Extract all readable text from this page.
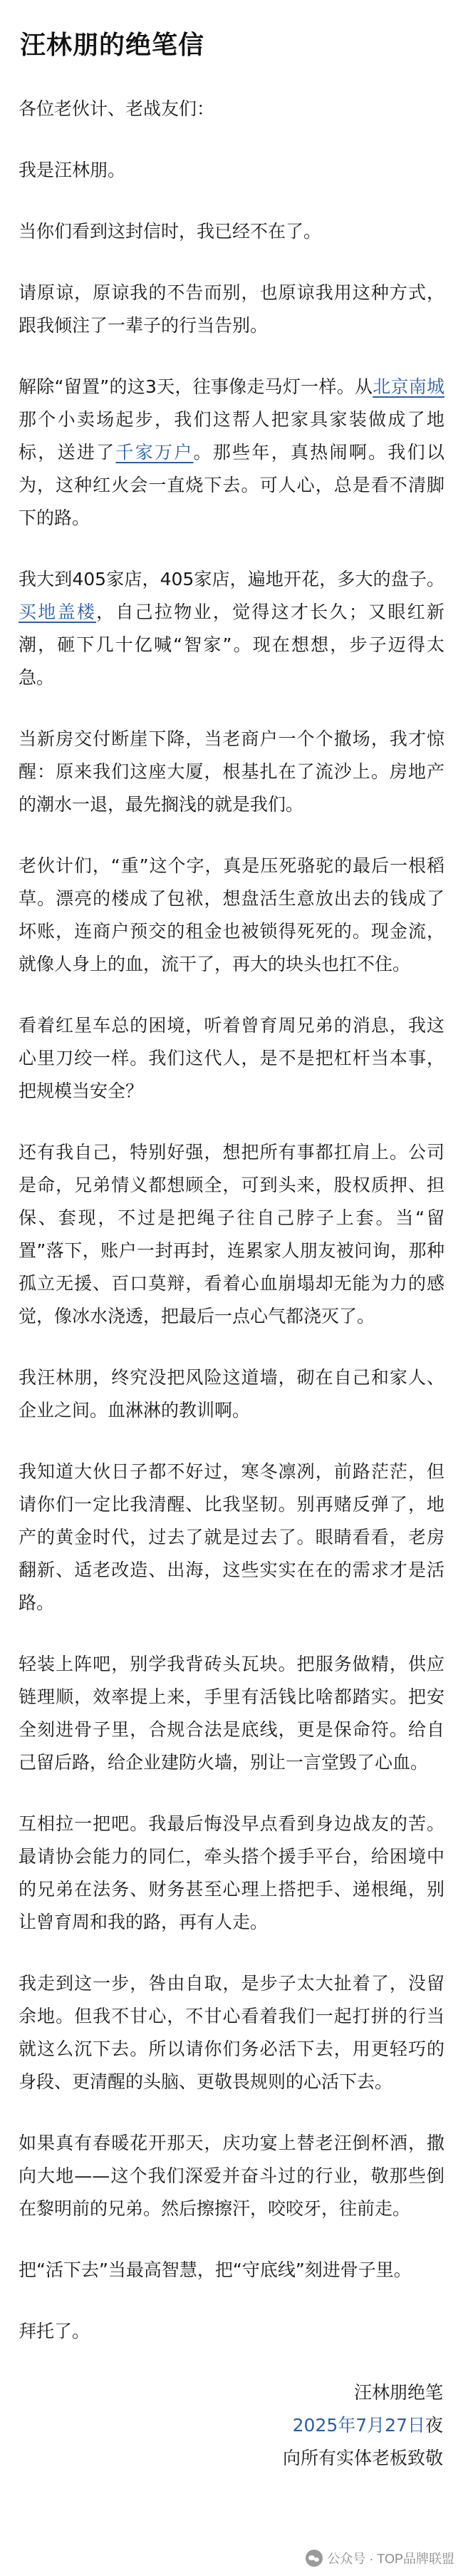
汪林朋的绝笔信

各位老伙计、老战友们：

我是汪林朋。

当你们看到这封信时，我已经不在了。

请原谅，原谅我的不告而别，也原谅我用这种方式，跟我倾注了一辈子的行当告别。

解除“留置”的这3天，往事像走马灯一样。从北京南城那个小卖场起步，我们这帮人把家具家装做成了地标，送进了千家万户。那些年，真热闹啊。我们以为，这种红火会一直烧下去。可人心，总是看不清脚下的路。

我大到405家店，405家店，遍地开花，多大的盘子。买地盖楼，自己拉物业，觉得这才长久；又眼红新潮，砸下几十亿喊“智家”。现在想想，步子迈得太急。

当新房交付断崖下降，当老商户一个个撤场，我才惊醒：原来我们这座大厦，根基扎在了流沙上。房地产的潮水一退，最先搁浅的就是我们。

老伙计们，“重”这个字，真是压死骆驼的最后一根稻草。漂亮的楼成了包袱，想盘活生意放出去的钱成了坏账，连商户预交的租金也被锁得死死的。现金流，就像人身上的血，流干了，再大的块头也扛不住。

看着红星车总的困境，听着曾育周兄弟的消息，我这心里刀绞一样。我们这代人，是不是把杠杆当本事，把规模当安全？

还有我自己，特别好强，想把所有事都扛肩上。公司是命，兄弟情义都想顾全，可到头来，股权质押、担保、套现，不过是把绳子往自己脖子上套。当“留置”落下，账户一封再封，连累家人朋友被问询，那种孤立无援、百口莫辩，看着心血崩塌却无能为力的感觉，像冰水浇透，把最后一点心气都浇灭了。

我汪林朋，终究没把风险这道墙，砌在自己和家人、企业之间。血淋淋的教训啊。

我知道大伙日子都不好过，寒冬凛冽，前路茫茫，但请你们一定比我清醒、比我坚韧。别再赌反弹了，地产的黄金时代，过去了就是过去了。眼睛看看，老房翻新、适老改造、出海，这些实实在在的需求才是活路。

轻装上阵吧，别学我背砖头瓦块。把服务做精，供应链理顺，效率提上来，手里有活钱比啥都踏实。把安全刻进骨子里，合规合法是底线，更是保命符。给自己留后路，给企业建防火墙，别让一言堂毁了心血。

互相拉一把吧。我最后悔没早点看到身边战友的苦。最请协会能力的同仁，牵头搭个援手平台，给困境中的兄弟在法务、财务甚至心理上搭把手、递根绳，别让曾育周和我的路，再有人走。

我走到这一步，咎由自取，是步子太大扯着了，没留余地。但我不甘心，不甘心看着我们一起打拼的行当就这么沉下去。所以请你们务必活下去，用更轻巧的身段、更清醒的头脑、更敬畏规则的心活下去。

如果真有春暖花开那天，庆功宴上替老汪倒杯酒，撒向大地——这个我们深爱并奋斗过的行业，敬那些倒在黎明前的兄弟。然后擦擦汗，咬咬牙，往前走。

把“活下去”当最高智慧，把“守底线”刻进骨子里。

拜托了。

汪林朋绝笔
2025年7月27日夜
向所有实体老板致敬
公众号 · TOP品牌联盟
